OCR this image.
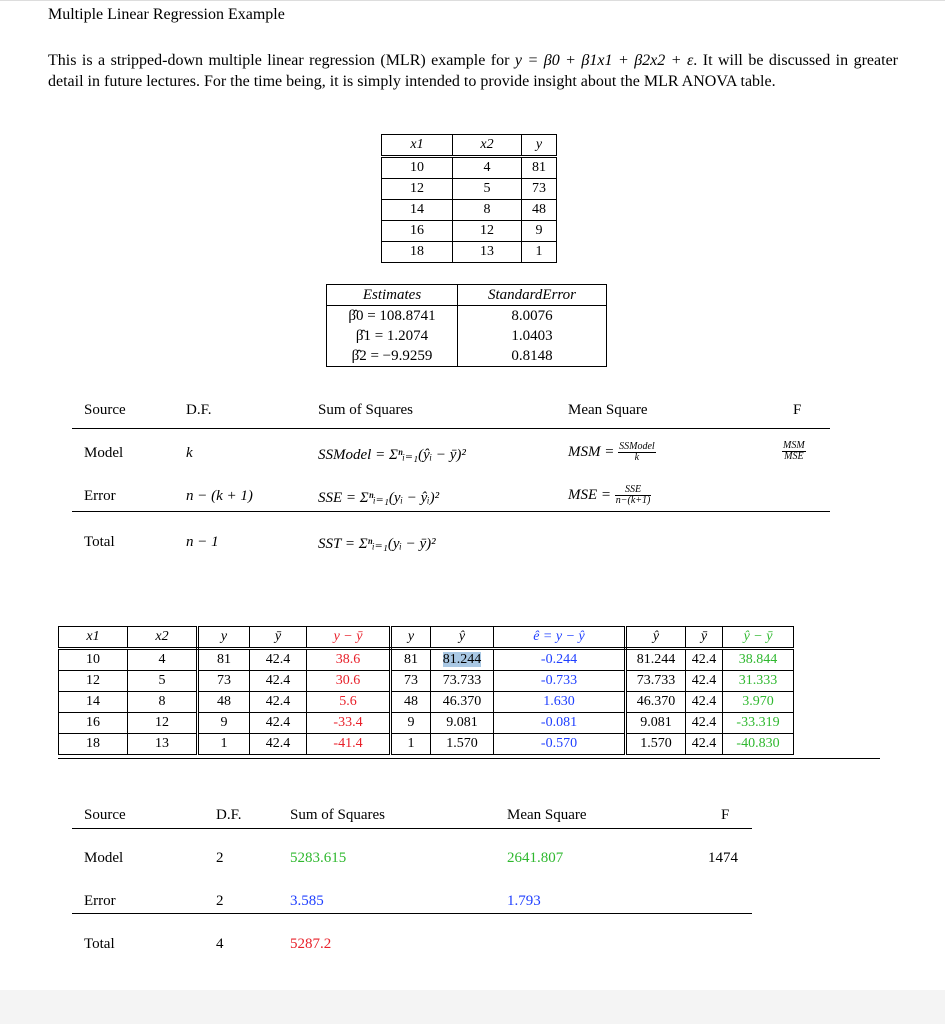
Multiple Linear Regression Example
This is a stripped-down multiple linear regression (MLR) example for y = β0 + β1x1 + β2x2 + ε. It will be discussed in greater detail in future lectures. For the time being, it is simply intended to provide insight about the MLR ANOVA table.
x1	x2	y
10	4	81
12	5	73
14	8	48
16	12	9
18	13	1
Estimates	StandardError
β̂0 = 108.8741	8.0076
β̂1 = 1.2074	1.0403
β̂2 = −9.9259	0.8148
Source	D.F.	Sum of Squares	Mean Square	F
Model	k	SSModel = Σⁿᵢ₌₁(ŷᵢ − ȳ)²	MSM = $\frac{\text{SSModel}}{k}$	$\frac{\text{MSM}}{\text{MSE}}$
Error	n − (k + 1)	SSE = Σⁿᵢ₌₁(yᵢ − ŷᵢ)²	MSE = $\frac{\text{SSE}}{n-(k+1)}$
Total	n − 1	SST = Σⁿᵢ₌₁(yᵢ − ȳ)²
x1	x2	y	ȳ	y − ȳ	y	ŷ	ê = y − ŷ	ŷ	ȳ	ŷ − ȳ
10	4	81	42.4	38.6	81	81.244	-0.244	81.244	42.4	38.844
12	5	73	42.4	30.6	73	73.733	-0.733	73.733	42.4	31.333
14	8	48	42.4	5.6	48	46.370	1.630	46.370	42.4	3.970
16	12	9	42.4	-33.4	9	9.081	-0.081	9.081	42.4	-33.319
18	13	1	42.4	-41.4	1	1.570	-0.570	1.570	42.4	-40.830
Source	D.F.	Sum of Squares	Mean Square	F
Model	2	5283.615	2641.807	1474
Error	2	3.585	1.793
Total	4	5287.2
